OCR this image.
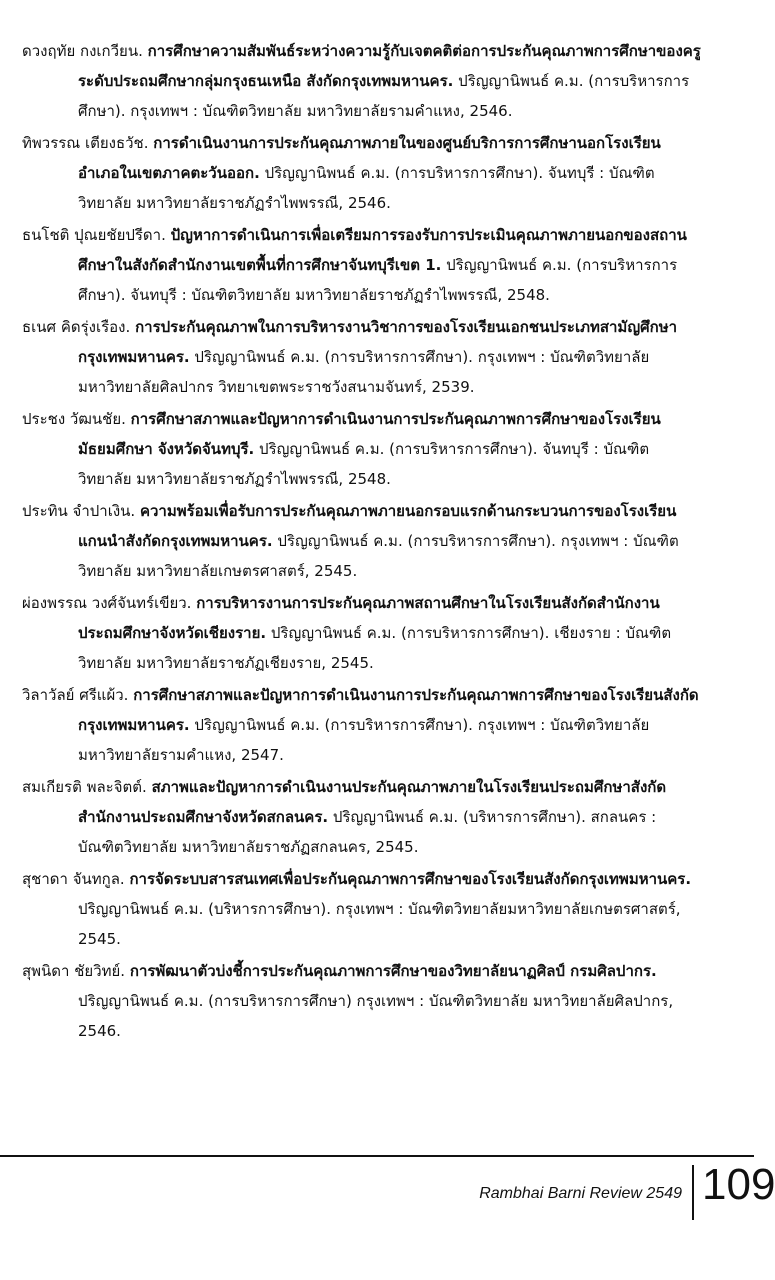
ดวงฤทัย กงเกวียน. การศึกษาความสัมพันธ์ระหว่างความรู้กับเจตคติต่อการประกันคุณภาพการศึกษาของครูระดับประถมศึกษากลุ่มกรุงธนเหนือ สังกัดกรุงเทพมหานคร. ปริญญานิพนธ์ ค.ม. (การบริหารการศึกษา). กรุงเทพฯ : บัณฑิตวิทยาลัย มหาวิทยาลัยรามคำแหง, 2546.

ทิพวรรณ เตียงธวัช. การดำเนินงานการประกันคุณภาพภายในของศูนย์บริการการศึกษานอกโรงเรียนอำเภอในเขตภาคตะวันออก. ปริญญานิพนธ์ ค.ม. (การบริหารการศึกษา). จันทบุรี : บัณฑิตวิทยาลัย มหาวิทยาลัยราชภัฏรำไพพรรณี, 2546.

ธนโชติ ปุณยชัยปรีดา. ปัญหาการดำเนินการเพื่อเตรียมการรองรับการประเมินคุณภาพภายนอกของสถานศึกษาในสังกัดสำนักงานเขตพื้นที่การศึกษาจันทบุรีเขต 1. ปริญญานิพนธ์ ค.ม. (การบริหารการศึกษา). จันทบุรี : บัณฑิตวิทยาลัย มหาวิทยาลัยราชภัฏรำไพพรรณี, 2548.

ธเนศ คิดรุ่งเรือง. การประกันคุณภาพในการบริหารงานวิชาการของโรงเรียนเอกชนประเภทสามัญศึกษากรุงเทพมหานคร. ปริญญานิพนธ์ ค.ม. (การบริหารการศึกษา). กรุงเทพฯ : บัณฑิตวิทยาลัย มหาวิทยาลัยศิลปากร วิทยาเขตพระราชวังสนามจันทร์, 2539.

ประชง วัฒนชัย. การศึกษาสภาพและปัญหาการดำเนินงานการประกันคุณภาพการศึกษาของโรงเรียนมัธยมศึกษา จังหวัดจันทบุรี. ปริญญานิพนธ์ ค.ม. (การบริหารการศึกษา). จันทบุรี : บัณฑิตวิทยาลัย มหาวิทยาลัยราชภัฏรำไพพรรณี, 2548.

ประทิน จำปาเงิน. ความพร้อมเพื่อรับการประกันคุณภาพภายนอกรอบแรกด้านกระบวนการของโรงเรียนแกนนำสังกัดกรุงเทพมหานคร. ปริญญานิพนธ์ ค.ม. (การบริหารการศึกษา). กรุงเทพฯ : บัณฑิตวิทยาลัย มหาวิทยาลัยเกษตรศาสตร์, 2545.

ผ่องพรรณ วงศ์จันทร์เขียว. การบริหารงานการประกันคุณภาพสถานศึกษาในโรงเรียนสังกัดสำนักงานประถมศึกษาจังหวัดเชียงราย. ปริญญานิพนธ์ ค.ม. (การบริหารการศึกษา). เชียงราย : บัณฑิตวิทยาลัย มหาวิทยาลัยราชภัฏเชียงราย, 2545.

วิลาวัลย์ ศรีแผ้ว. การศึกษาสภาพและปัญหาการดำเนินงานการประกันคุณภาพการศึกษาของโรงเรียนสังกัดกรุงเทพมหานคร. ปริญญานิพนธ์ ค.ม. (การบริหารการศึกษา). กรุงเทพฯ : บัณฑิตวิทยาลัย มหาวิทยาลัยรามคำแหง, 2547.

สมเกียรติ พละจิตต์. สภาพและปัญหาการดำเนินงานประกันคุณภาพภายในโรงเรียนประถมศึกษาสังกัดสำนักงานประถมศึกษาจังหวัดสกลนคร. ปริญญานิพนธ์ ค.ม. (บริหารการศึกษา). สกลนคร : บัณฑิตวิทยาลัย มหาวิทยาลัยราชภัฏสกลนคร, 2545.

สุชาดา จันทกูล. การจัดระบบสารสนเทศเพื่อประกันคุณภาพการศึกษาของโรงเรียนสังกัดกรุงเทพมหานคร. ปริญญานิพนธ์ ค.ม. (บริหารการศึกษา). กรุงเทพฯ : บัณฑิตวิทยาลัยมหาวิทยาลัยเกษตรศาสตร์, 2545.

สุพนิดา ชัยวิทย์. การพัฒนาตัวบ่งชี้การประกันคุณภาพการศึกษาของวิทยาลัยนาฏศิลป์ กรมศิลปากร. ปริญญานิพนธ์ ค.ม. (การบริหารการศึกษา) กรุงเทพฯ : บัณฑิตวิทยาลัย มหาวิทยาลัยศิลปากร, 2546.

Rambhai Barni Review 2549 109
